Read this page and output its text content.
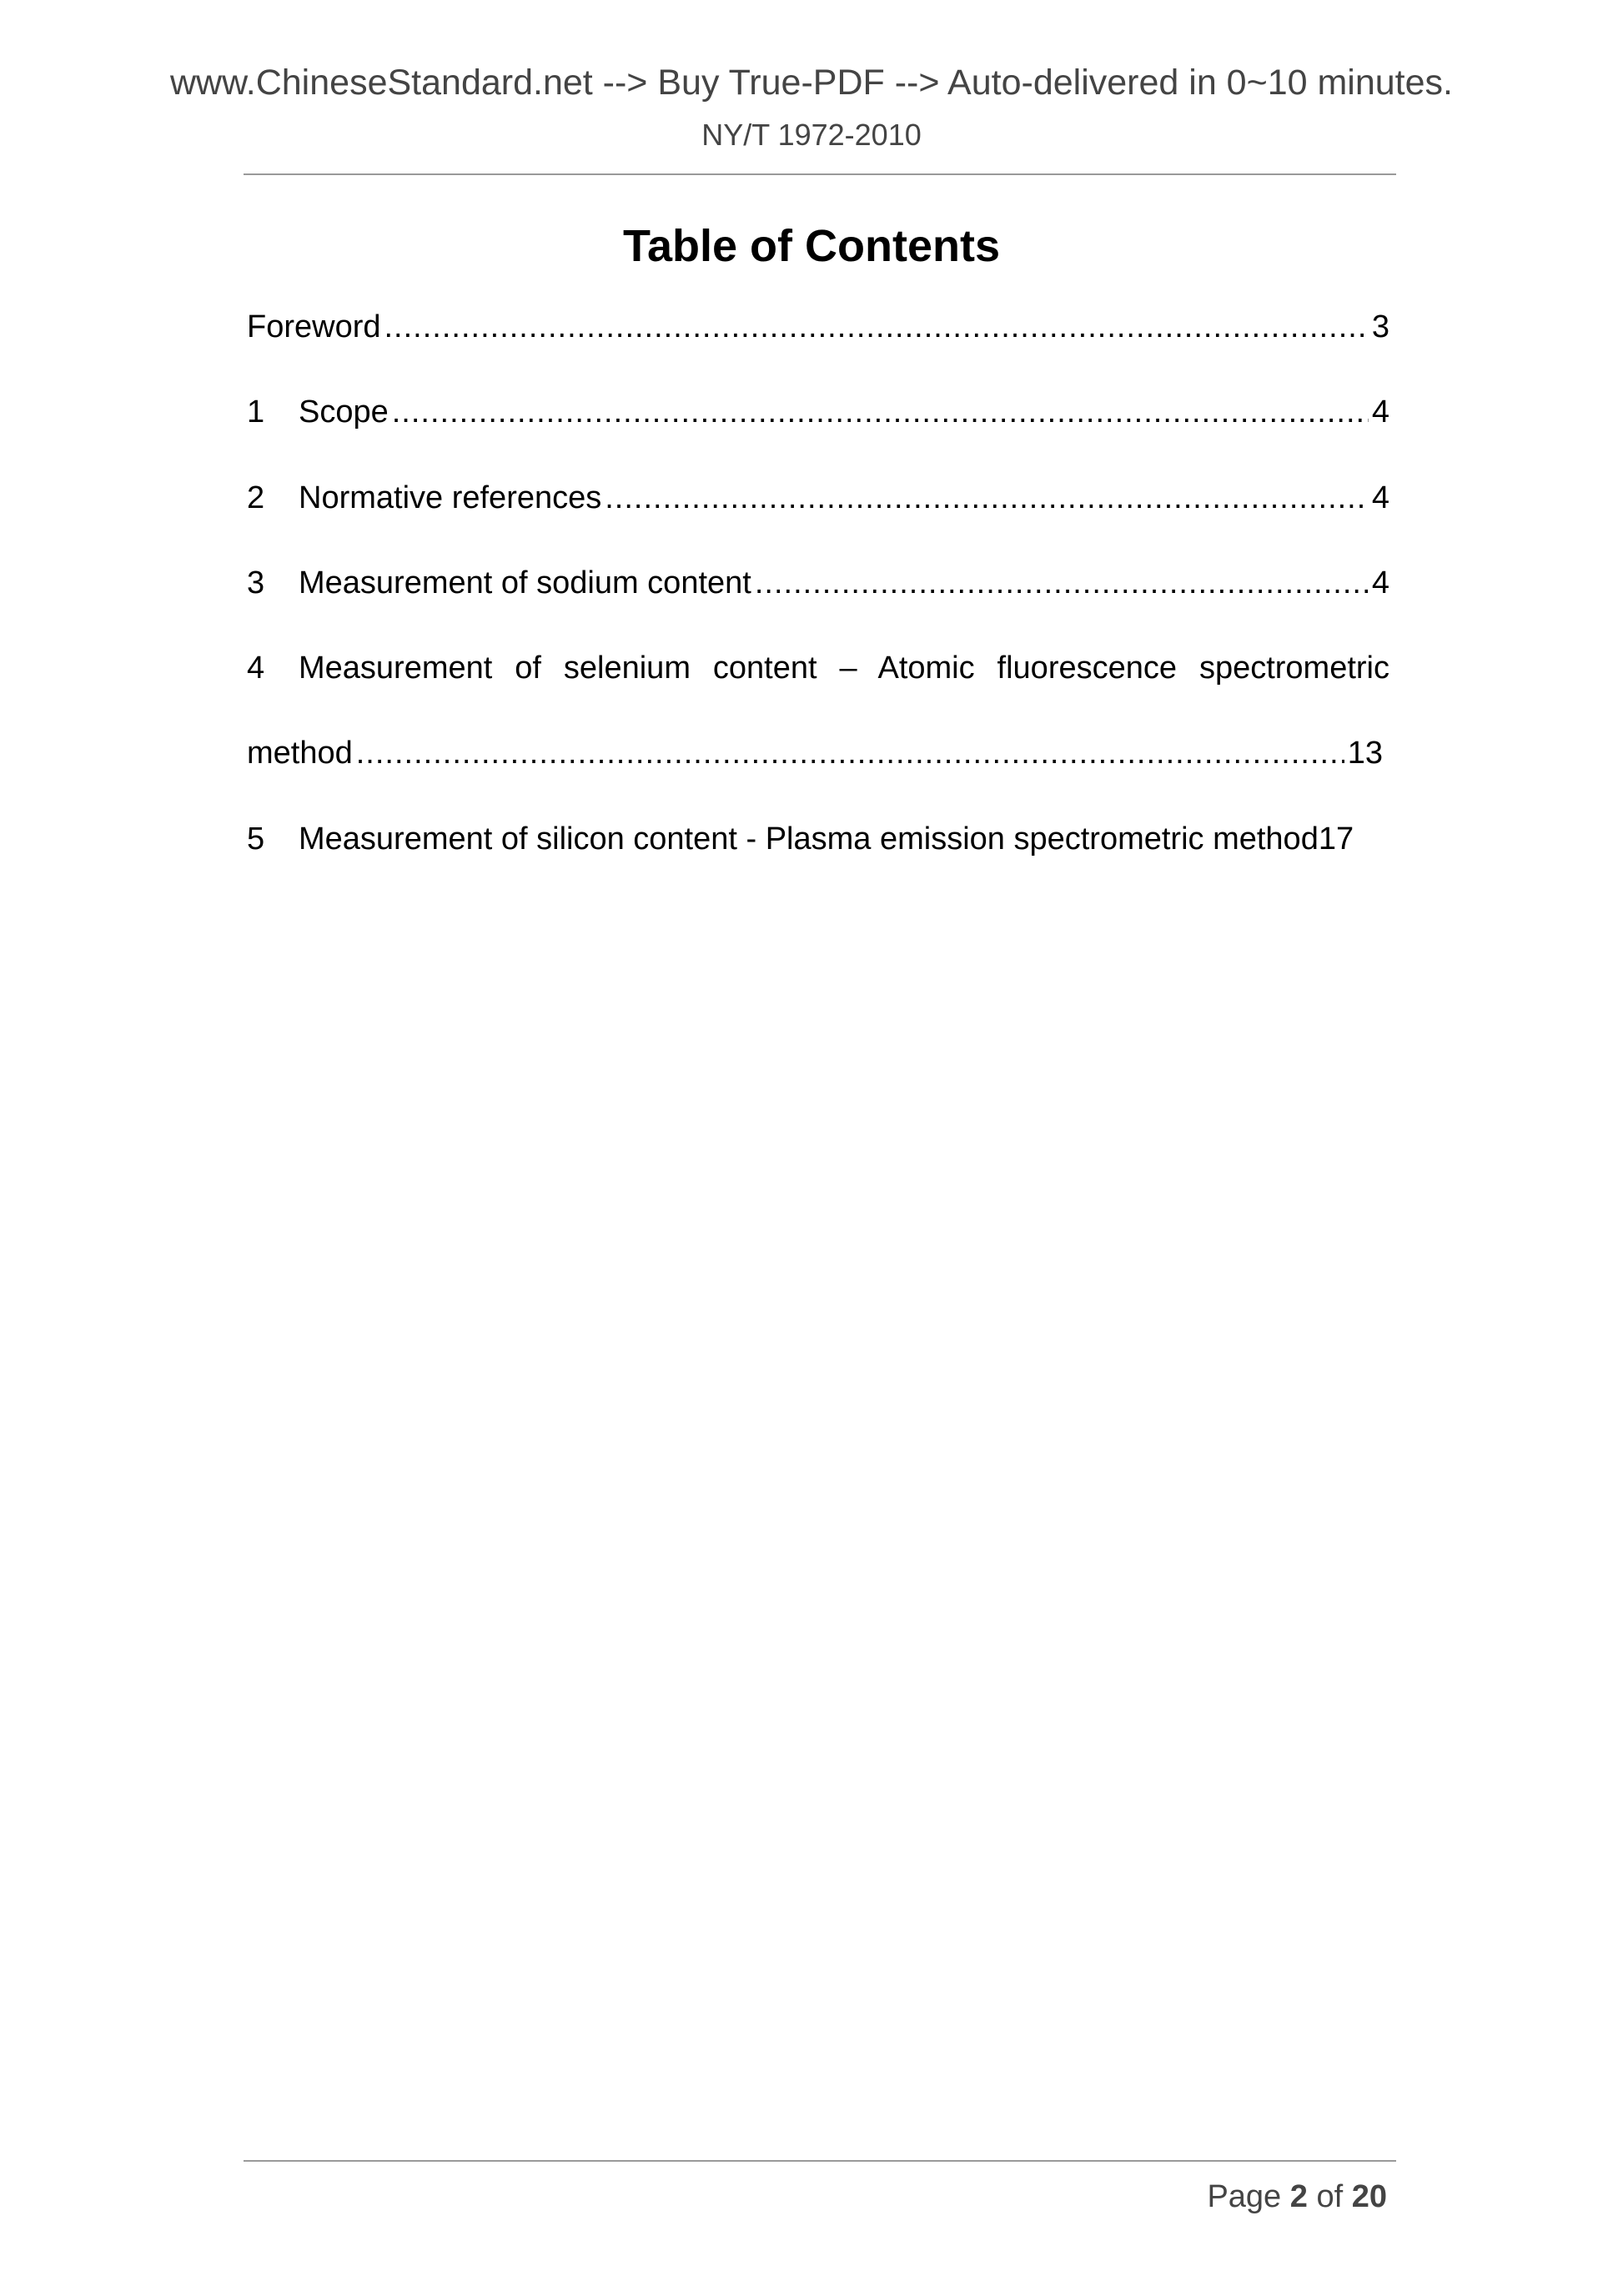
www.ChineseStandard.net --> Buy True-PDF --> Auto-delivered in 0~10 minutes.
NY/T 1972-2010
Table of Contents
Foreword .....	3
1	Scope .....	4
2	Normative references .....	4
3	Measurement of sodium content .....	4
4	Measurement of selenium content – Atomic fluorescence spectrometric
method .....	13
5	Measurement of silicon content - Plasma emission spectrometric method 17
Page 2 of 20
